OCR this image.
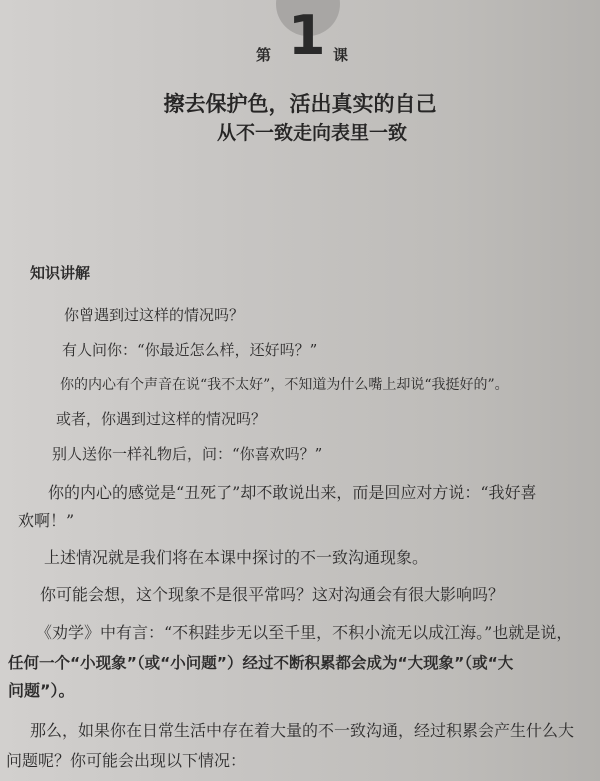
第 1 课
擦去保护色，活出真实的自己
从不一致走向表里一致
知识讲解
你曾遇到过这样的情况吗？
有人问你：“你最近怎么样，还好吗？”
你的内心有个声音在说“我不太好”，不知道为什么嘴上却说“我挺好的”。
或者，你遇到过这样的情况吗？
别人送你一样礼物后，问：“你喜欢吗？”
你的内心的感觉是“丑死了”却不敢说出来，而是回应对方说：“我好喜
欢啊！”
上述情况就是我们将在本课中探讨的不一致沟通现象。
你可能会想，这个现象不是很平常吗？这对沟通会有很大影响吗？
《劝学》中有言：“不积跬步无以至千里，不积小流无以成江海。”也就是说，
任何一个“小现象”（或“小问题”）经过不断积累都会成为“大现象”（或“大
问题”）。
那么，如果你在日常生活中存在着大量的不一致沟通，经过积累会产生什么大
问题呢？你可能会出现以下情况：
